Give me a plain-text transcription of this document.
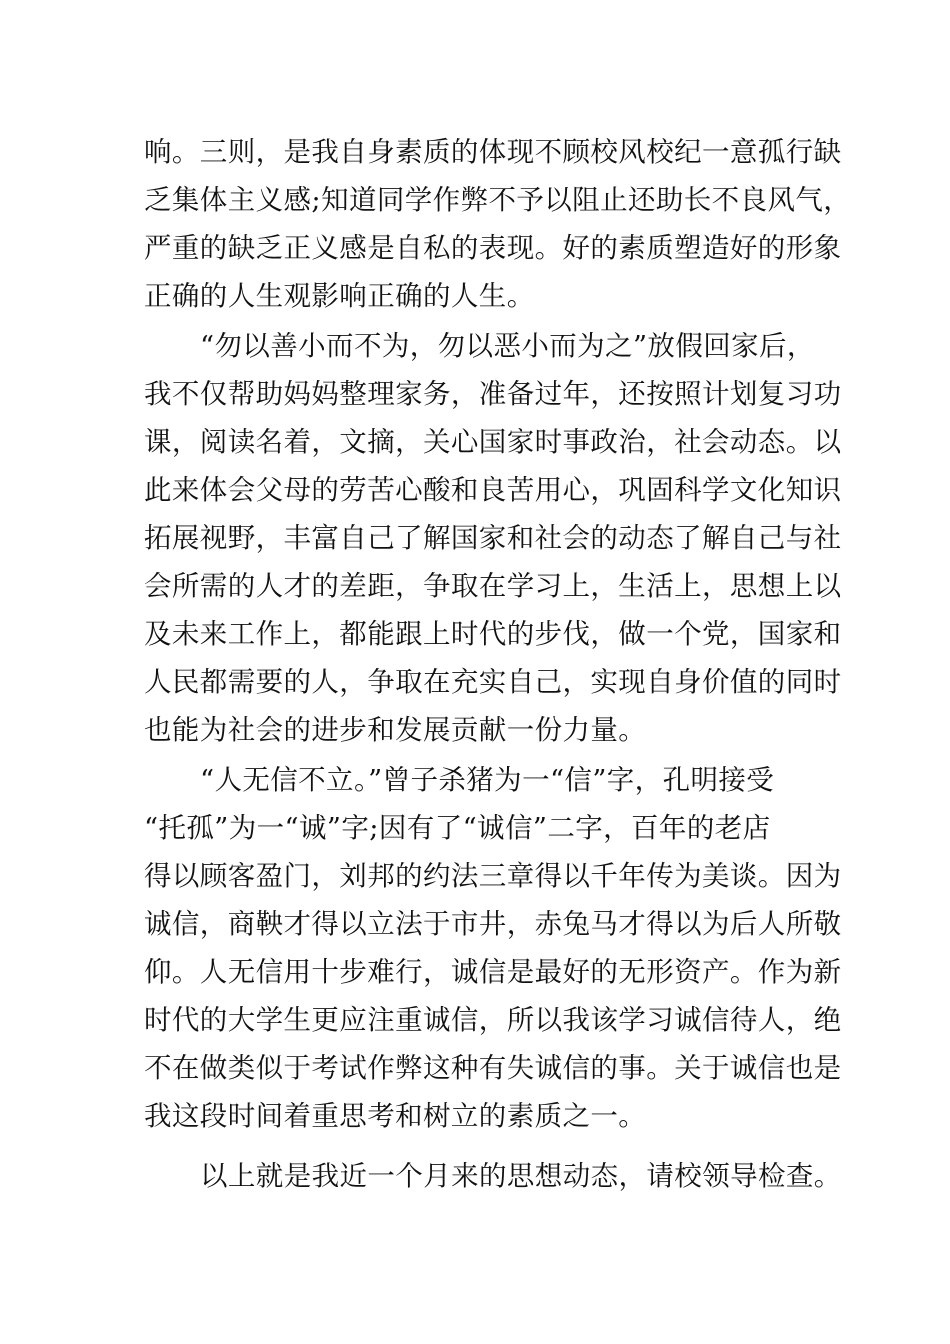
响。三则，是我自身素质的体现不顾校风校纪一意孤行缺
乏集体主义感;知道同学作弊不予以阻止还助长不良风气，
严重的缺乏正义感是自私的表现。好的素质塑造好的形象
正确的人生观影响正确的人生。

“勿以善小而不为，勿以恶小而为之”放假回家后，
我不仅帮助妈妈整理家务，准备过年，还按照计划复习功
课，阅读名着，文摘，关心国家时事政治，社会动态。以
此来体会父母的劳苦心酸和良苦用心，巩固科学文化知识
拓展视野，丰富自己了解国家和社会的动态了解自己与社
会所需的人才的差距，争取在学习上，生活上，思想上以
及未来工作上，都能跟上时代的步伐，做一个党，国家和
人民都需要的人，争取在充实自己，实现自身价值的同时
也能为社会的进步和发展贡献一份力量。

“人无信不立。”曾子杀猪为一“信”字，孔明接受
“托孤”为一“诚”字;因有了“诚信”二字，百年的老店
得以顾客盈门，刘邦的约法三章得以千年传为美谈。因为
诚信，商鞅才得以立法于市井，赤兔马才得以为后人所敬
仰。人无信用十步难行，诚信是最好的无形资产。作为新
时代的大学生更应注重诚信，所以我该学习诚信待人，绝
不在做类似于考试作弊这种有失诚信的事。关于诚信也是
我这段时间着重思考和树立的素质之一。

以上就是我近一个月来的思想动态，请校领导检查。
